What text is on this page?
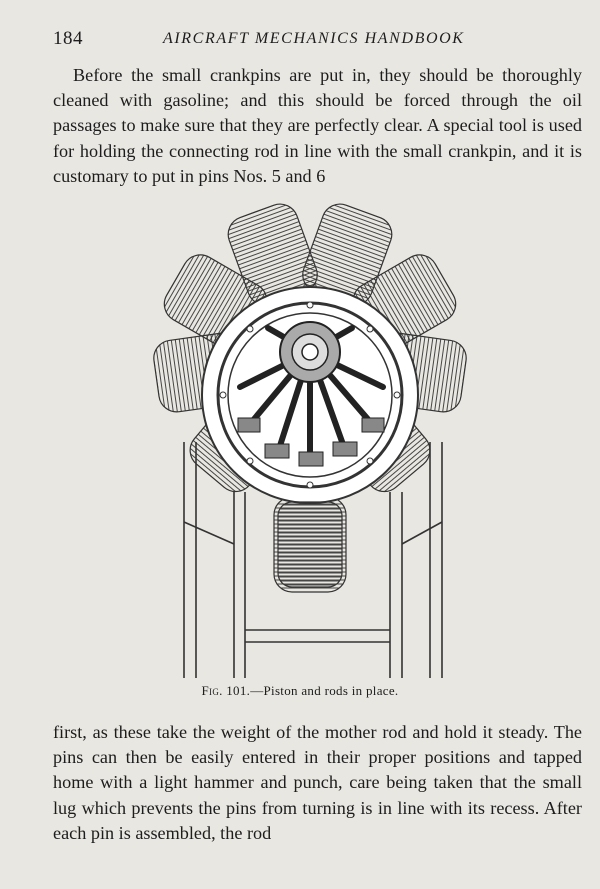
184	AIRCRAFT MECHANICS HANDBOOK

Before the small crankpins are put in, they should be thoroughly cleaned with gasoline; and this should be forced through the oil passages to make sure that they are perfectly clear. A special tool is used for holding the connecting rod in line with the small crankpin, and it is customary to put in pins Nos. 5 and 6

Fig. 101.—Piston and rods in place.

first, as these take the weight of the mother rod and hold it steady. The pins can then be easily entered in their proper positions and tapped home with a light hammer and punch, care being taken that the small lug which prevents the pins from turning is in line with its recess. After each pin is assembled, the rod
